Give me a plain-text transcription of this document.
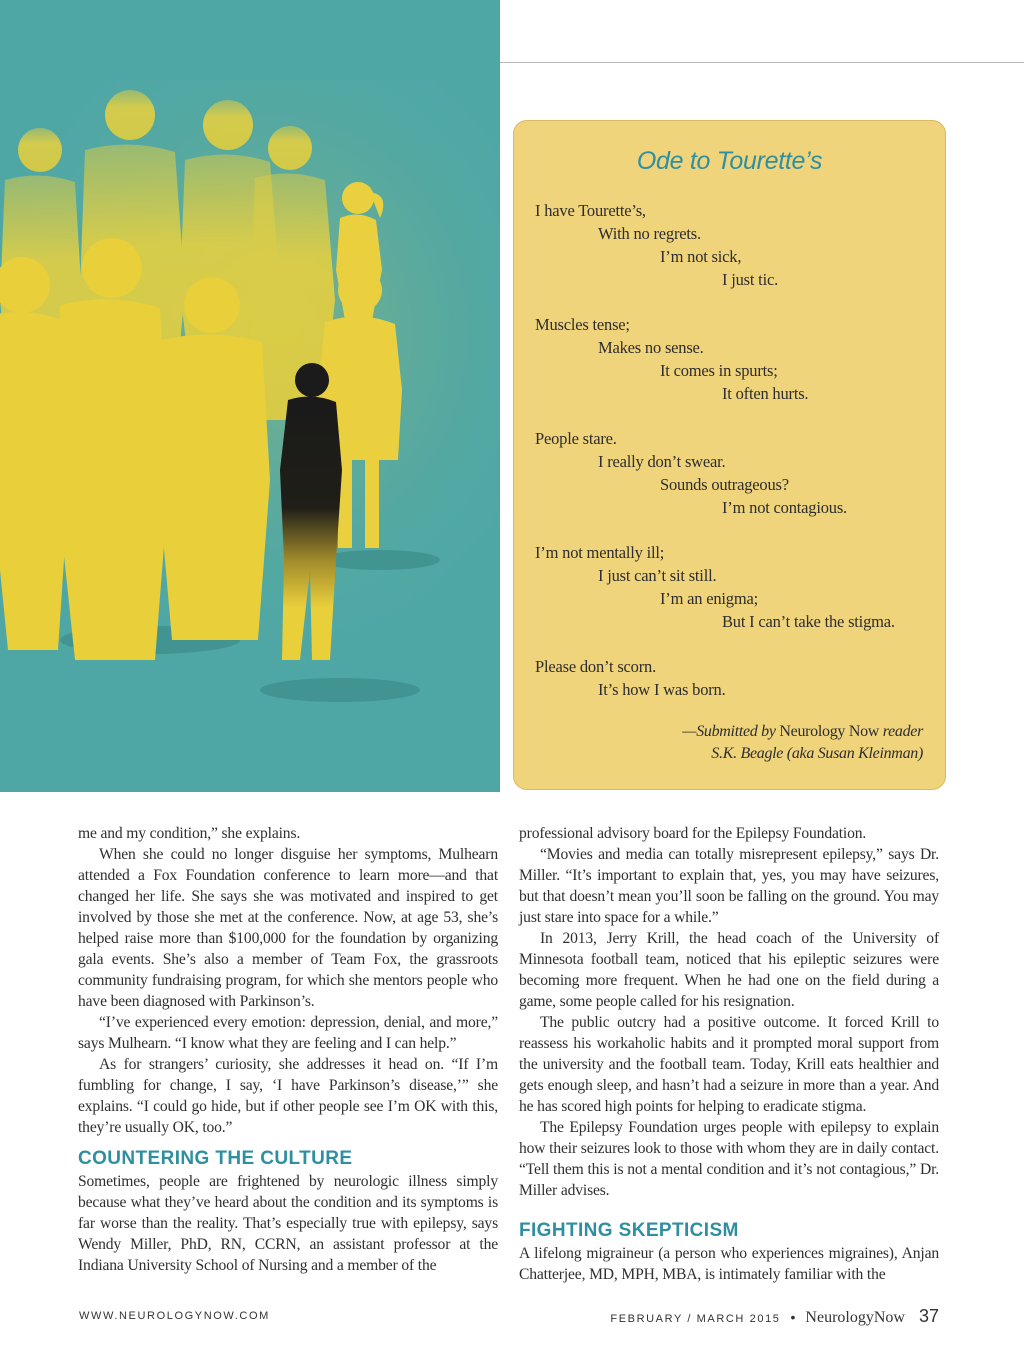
Ode to Tourette’s
I have Tourette’s,
With no regrets.
I’m not sick,
I just tic.
Muscles tense;
Makes no sense.
It comes in spurts;
It often hurts.
People stare.
I really don’t swear.
Sounds outrageous?
I’m not contagious.
I’m not mentally ill;
I just can’t sit still.
I’m an enigma;
But I can’t take the stigma.
Please don’t scorn.
It’s how I was born.
—Submitted by Neurology Now reader
S.K. Beagle (aka Susan Kleinman)

me and my condition,” she explains.

When she could no longer disguise her symptoms, Mulhearn attended a Fox Foundation conference to learn more—and that changed her life. She says she was motivated and inspired to get involved by those she met at the conference. Now, at age 53, she’s helped raise more than $100,000 for the foundation by organizing gala events. She’s also a member of Team Fox, the grassroots community fundraising program, for which she mentors people who have been diagnosed with Parkinson’s.

“I’ve experienced every emotion: depression, denial, and more,” says Mulhearn. “I know what they are feeling and I can help.”

As for strangers’ curiosity, she addresses it head on. “If I’m fumbling for change, I say, ‘I have Parkinson’s disease,’” she explains. “I could go hide, but if other people see I’m OK with this, they’re usually OK, too.”

COUNTERING THE CULTURE

Sometimes, people are frightened by neurologic illness simply because what they’ve heard about the condition and its symptoms is far worse than the reality. That’s especially true with epilepsy, says Wendy Miller, PhD, RN, CCRN, an assistant professor at the Indiana University School of Nursing and a member of the

professional advisory board for the Epilepsy Foundation.

“Movies and media can totally misrepresent epilepsy,” says Dr. Miller. “It’s important to explain that, yes, you may have seizures, but that doesn’t mean you’ll soon be falling on the ground. You may just stare into space for a while.”

In 2013, Jerry Krill, the head coach of the University of Minnesota football team, noticed that his epileptic seizures were becoming more frequent. When he had one on the field during a game, some people called for his resignation.

The public outcry had a positive outcome. It forced Krill to reassess his workaholic habits and it prompted moral support from the university and the football team. Today, Krill eats healthier and gets enough sleep, and hasn’t had a seizure in more than a year. And he has scored high points for helping to eradicate stigma.

The Epilepsy Foundation urges people with epilepsy to explain how their seizures look to those with whom they are in daily contact. “Tell them this is not a mental condition and it’s not contagious,” Dr. Miller advises.

FIGHTING SKEPTICISM

A lifelong migraineur (a person who experiences migraines), Anjan Chatterjee, MD, MPH, MBA, is intimately familiar with the

WWW.NEUROLOGYNOW.COM	FEBRUARY / MARCH 2015 • NeurologyNow 37
